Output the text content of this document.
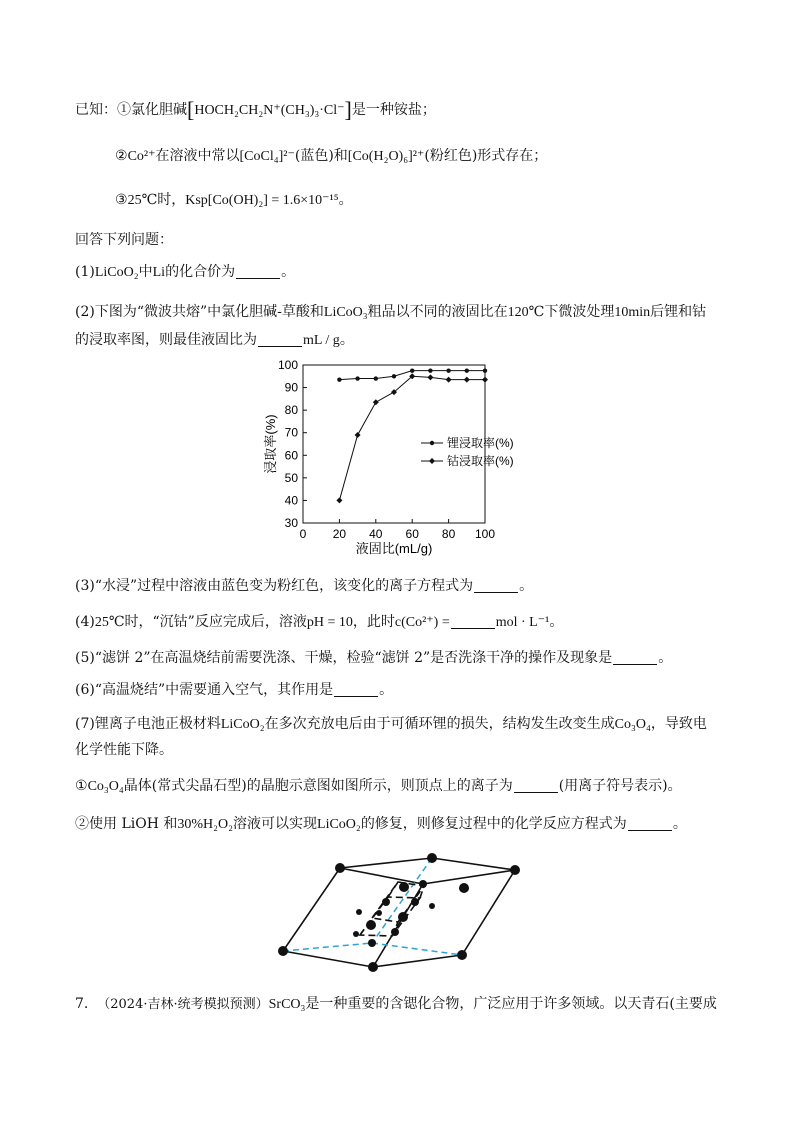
已知：①氯化胆碱[HOCH₂CH₂N⁺(CH₃)₃·Cl⁻]是一种铵盐；
②Co²⁺在溶液中常以[CoCl₄]²⁻(蓝色)和[Co(H₂O)₆]²⁺(粉红色)形式存在；
③25℃时，Ksp[Co(OH)₂] = 1.6×10⁻¹⁵。
回答下列问题：
(1)LiCoO₂中Li的化合价为	。
(2)下图为“微波共熔”中氯化胆碱-草酸和LiCoO₃粗品以不同的液固比在120℃下微波处理10min后锂和钴
的浸取率图，则最佳液固比为	mL / g。
30
40
50
60
70
80
90
100
0 20 40 60 80 100
液固比(mL/g)
浸取率(%)	锂浸取率(%)
钴浸取率(%)
(3)“水浸”过程中溶液由蓝色变为粉红色，该变化的离子方程式为	。
(4)25℃时，“沉钴”反应完成后，溶液pH = 10，此时c(Co²⁺) =	mol · L⁻¹。
(5)“滤饼 2”在高温烧结前需要洗涤、干燥，检验“滤饼 2”是否洗涤干净的操作及现象是	。
(6)“高温烧结”中需要通入空气，其作用是	。
(7)锂离子电池正极材料LiCoO₂在多次充放电后由于可循环锂的损失，结构发生改变生成Co₃O₄，导致电
化学性能下降。
①Co₃O₄晶体(常式尖晶石型)的晶胞示意图如图所示，则顶点上的离子为	(用离子符号表示)。
②使用 LiOH 和30%H₂O₂溶液可以实现LiCoO₂的修复，则修复过程中的化学反应方程式为	。
7. （2024·吉林·统考模拟预测）SrCO₃是一种重要的含锶化合物，广泛应用于许多领域。以天青石(主要成
